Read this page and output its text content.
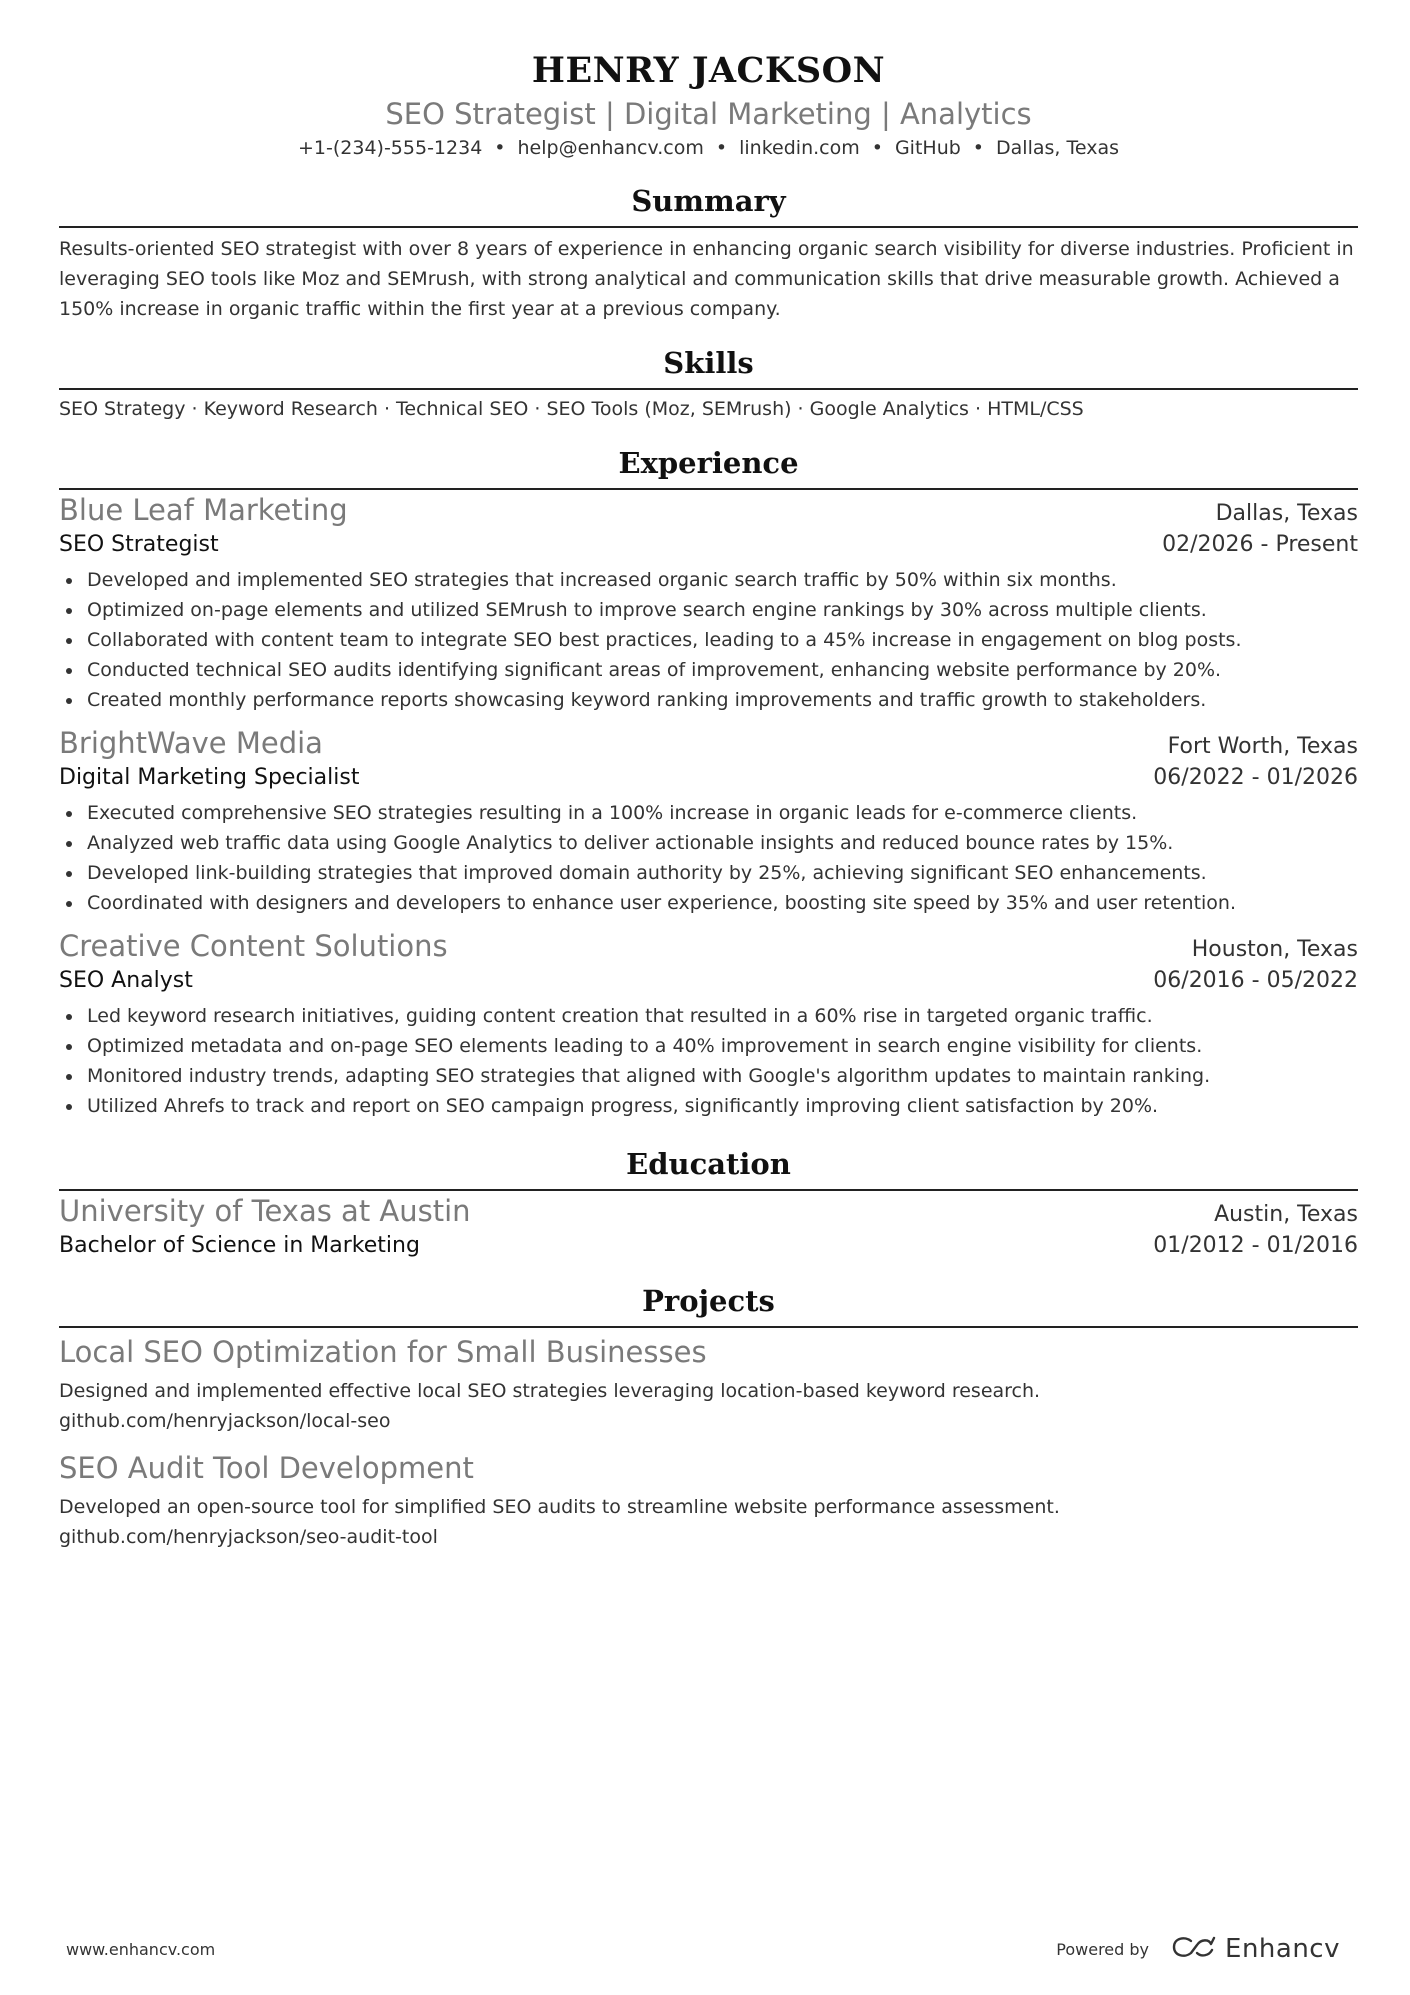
HENRY JACKSON
SEO Strategist | Digital Marketing | Analytics
+1-(234)-555-1234 • help@enhancv.com • linkedin.com • GitHub • Dallas, Texas
Summary
Results-oriented SEO strategist with over 8 years of experience in enhancing organic search visibility for diverse industries. Proficient in leveraging SEO tools like Moz and SEMrush, with strong analytical and communication skills that drive measurable growth. Achieved a 150% increase in organic traffic within the first year at a previous company.
Skills
SEO Strategy · Keyword Research · Technical SEO · SEO Tools (Moz, SEMrush) · Google Analytics · HTML/CSS
Experience
Blue Leaf Marketing	Dallas, Texas
SEO Strategist	02/2026 - Present
Developed and implemented SEO strategies that increased organic search traffic by 50% within six months.
Optimized on-page elements and utilized SEMrush to improve search engine rankings by 30% across multiple clients.
Collaborated with content team to integrate SEO best practices, leading to a 45% increase in engagement on blog posts.
Conducted technical SEO audits identifying significant areas of improvement, enhancing website performance by 20%.
Created monthly performance reports showcasing keyword ranking improvements and traffic growth to stakeholders.
BrightWave Media	Fort Worth, Texas
Digital Marketing Specialist	06/2022 - 01/2026
Executed comprehensive SEO strategies resulting in a 100% increase in organic leads for e-commerce clients.
Analyzed web traffic data using Google Analytics to deliver actionable insights and reduced bounce rates by 15%.
Developed link-building strategies that improved domain authority by 25%, achieving significant SEO enhancements.
Coordinated with designers and developers to enhance user experience, boosting site speed by 35% and user retention.
Creative Content Solutions	Houston, Texas
SEO Analyst	06/2016 - 05/2022
Led keyword research initiatives, guiding content creation that resulted in a 60% rise in targeted organic traffic.
Optimized metadata and on-page SEO elements leading to a 40% improvement in search engine visibility for clients.
Monitored industry trends, adapting SEO strategies that aligned with Google's algorithm updates to maintain ranking.
Utilized Ahrefs to track and report on SEO campaign progress, significantly improving client satisfaction by 20%.
Education
University of Texas at Austin	Austin, Texas
Bachelor of Science in Marketing	01/2012 - 01/2016
Projects
Local SEO Optimization for Small Businesses
Designed and implemented effective local SEO strategies leveraging location-based keyword research.
github.com/henryjackson/local-seo
SEO Audit Tool Development
Developed an open-source tool for simplified SEO audits to streamline website performance assessment.
github.com/henryjackson/seo-audit-tool
www.enhancv.com	Powered by	Enhancv
